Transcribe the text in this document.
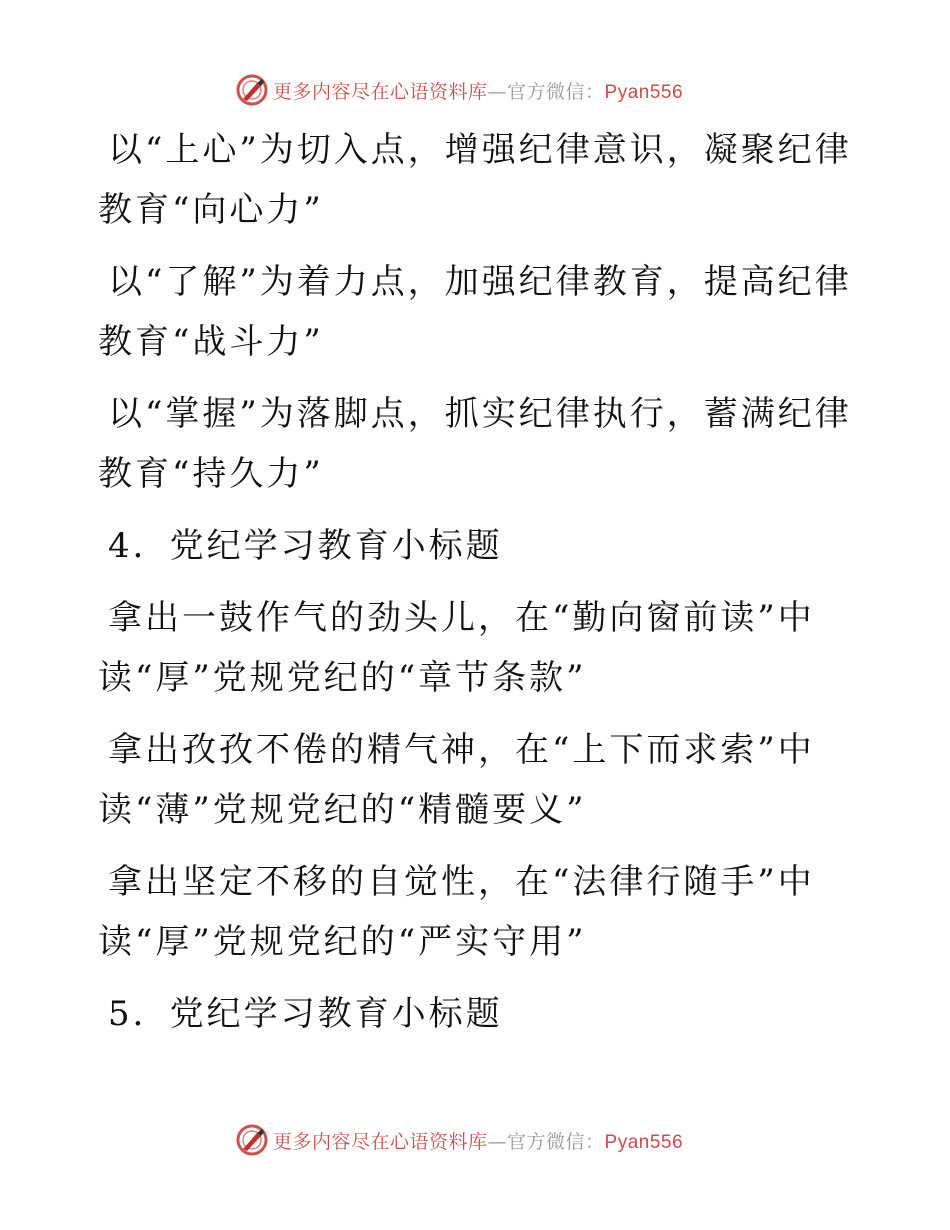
更多内容尽在心语资料库—官方微信：Pyan556

以“上心”为切入点，增强纪律意识，凝聚纪律教育“向心力”

以“了解”为着力点，加强纪律教育，提高纪律教育“战斗力”

以“掌握”为落脚点，抓实纪律执行，蓄满纪律教育“持久力”

4．党纪学习教育小标题

拿出一鼓作气的劲头儿，在“勤向窗前读”中读“厚”党规党纪的“章节条款”

拿出孜孜不倦的精气神，在“上下而求索”中读“薄”党规党纪的“精髓要义”

拿出坚定不移的自觉性，在“法律行随手”中读“厚”党规党纪的“严实守用”

5．党纪学习教育小标题

更多内容尽在心语资料库—官方微信：Pyan556
